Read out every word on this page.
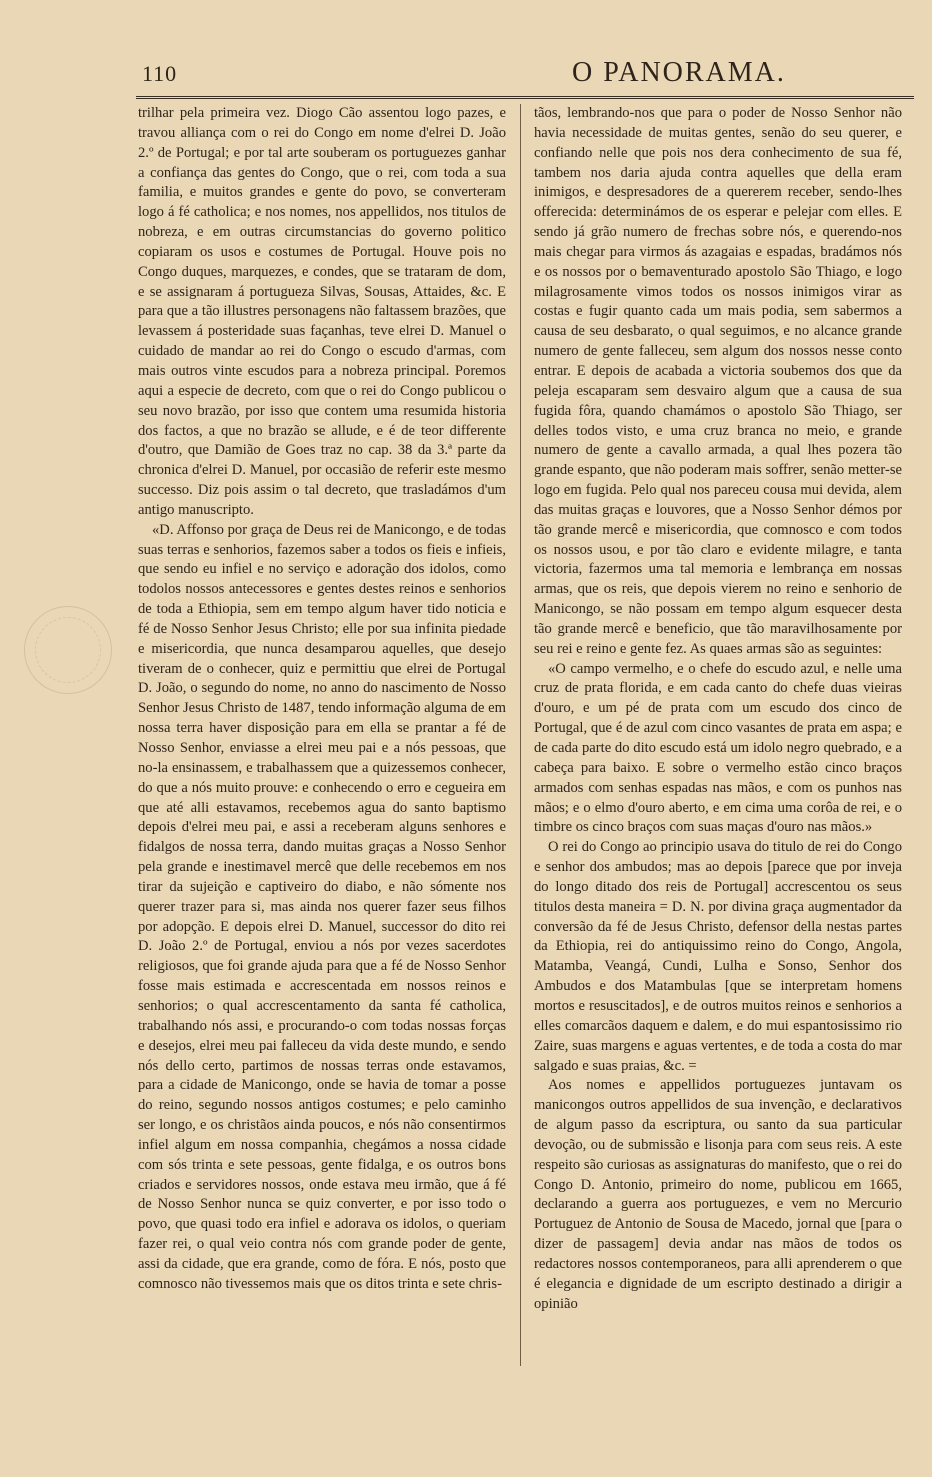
110	O PANORAMA.

trilhar pela primeira vez. Diogo Cão assentou logo pazes, e travou alliança com o rei do Congo em nome d'elrei D. João 2.º de Portugal; e por tal arte souberam os portuguezes ganhar a confiança das gentes do Congo, que o rei, com toda a sua familia, e muitos grandes e gente do povo, se converteram logo á fé catholica; e nos nomes, nos appellidos, nos titulos de nobreza, e em outras circumstancias do governo politico copiaram os usos e costumes de Portugal. Houve pois no Congo duques, marquezes, e condes, que se trataram de dom, e se assignaram á portugueza Silvas, Sousas, Attaides, &c. E para que a tão illustres personagens não faltassem brazões, que levassem á posteridade suas façanhas, teve elrei D. Manuel o cuidado de mandar ao rei do Congo o escudo d'armas, com mais outros vinte escudos para a nobreza principal. Poremos aqui a especie de decreto, com que o rei do Congo publicou o seu novo brazão, por isso que contem uma resumida historia dos factos, a que no brazão se allude, e é de teor differente d'outro, que Damião de Goes traz no cap. 38 da 3.ª parte da chronica d'elrei D. Manuel, por occasião de referir este mesmo successo. Diz pois assim o tal decreto, que trasladámos d'um antigo manuscripto.

«D. Affonso por graça de Deus rei de Manicongo, e de todas suas terras e senhorios, fazemos saber a todos os fieis e infieis, que sendo eu infiel e no serviço e adoração dos idolos, como todolos nossos antecessores e gentes destes reinos e senhorios de toda a Ethiopia, sem em tempo algum haver tido noticia e fé de Nosso Senhor Jesus Christo; elle por sua infinita piedade e misericordia, que nunca desamparou aquelles, que desejo tiveram de o conhecer, quiz e permittiu que elrei de Portugal D. João, o segundo do nome, no anno do nascimento de Nosso Senhor Jesus Christo de 1487, tendo informação alguma de em nossa terra haver disposição para em ella se prantar a fé de Nosso Senhor, enviasse a elrei meu pai e a nós pessoas, que no-la ensinassem, e trabalhassem que a quizessemos conhecer, do que a nós muito prouve: e conhecendo o erro e cegueira em que até alli estavamos, recebemos agua do santo baptismo depois d'elrei meu pai, e assi a receberam alguns senhores e fidalgos de nossa terra, dando muitas graças a Nosso Senhor pela grande e inestimavel mercê que delle recebemos em nos tirar da sujeição e captiveiro do diabo, e não sómente nos querer trazer para si, mas ainda nos querer fazer seus filhos por adopção. E depois elrei D. Manuel, successor do dito rei D. João 2.º de Portugal, enviou a nós por vezes sacerdotes religiosos, que foi grande ajuda para que a fé de Nosso Senhor fosse mais estimada e accrescentada em nossos reinos e senhorios; o qual accrescentamento da santa fé catholica, trabalhando nós assi, e procurando-o com todas nossas forças e desejos, elrei meu pai falleceu da vida deste mundo, e sendo nós dello certo, partimos de nossas terras onde estavamos, para a cidade de Manicongo, onde se havia de tomar a posse do reino, segundo nossos antigos costumes; e pelo caminho ser longo, e os christãos ainda poucos, e nós não consentirmos infiel algum em nossa companhia, chegámos a nossa cidade com sós trinta e sete pessoas, gente fidalga, e os outros bons criados e servidores nossos, onde estava meu irmão, que á fé de Nosso Senhor nunca se quiz converter, e por isso todo o povo, que quasi todo era infiel e adorava os idolos, o queriam fazer rei, o qual veio contra nós com grande poder de gente, assi da cidade, que era grande, como de fóra. E nós, posto que comnosco não tivessemos mais que os ditos trinta e sete chris-

tãos, lembrando-nos que para o poder de Nosso Senhor não havia necessidade de muitas gentes, senão do seu querer, e confiando nelle que pois nos dera conhecimento de sua fé, tambem nos daria ajuda contra aquelles que della eram inimigos, e despresadores de a quererem receber, sendo-lhes offerecida: determinámos de os esperar e pelejar com elles. E sendo já grão numero de frechas sobre nós, e querendo-nos mais chegar para virmos ás azagaias e espadas, bradámos nós e os nossos por o bemaventurado apostolo São Thiago, e logo milagrosamente vimos todos os nossos inimigos virar as costas e fugir quanto cada um mais podia, sem sabermos a causa de seu desbarato, o qual seguimos, e no alcance grande numero de gente falleceu, sem algum dos nossos nesse conto entrar. E depois de acabada a victoria soubemos dos que da peleja escaparam sem desvairo algum que a causa de sua fugida fôra, quando chamámos o apostolo São Thiago, ser delles todos visto, e uma cruz branca no meio, e grande numero de gente a cavallo armada, a qual lhes pozera tão grande espanto, que não poderam mais soffrer, senão metter-se logo em fugida. Pelo qual nos pareceu cousa mui devida, alem das muitas graças e louvores, que a Nosso Senhor démos por tão grande mercê e misericordia, que comnosco e com todos os nossos usou, e por tão claro e evidente milagre, e tanta victoria, fazermos uma tal memoria e lembrança em nossas armas, que os reis, que depois vierem no reino e senhorio de Manicongo, se não possam em tempo algum esquecer desta tão grande mercê e beneficio, que tão maravilhosamente por seu rei e reino e gente fez. As quaes armas são as seguintes:

«O campo vermelho, e o chefe do escudo azul, e nelle uma cruz de prata florida, e em cada canto do chefe duas vieiras d'ouro, e um pé de prata com um escudo dos cinco de Portugal, que é de azul com cinco vasantes de prata em aspa; e de cada parte do dito escudo está um idolo negro quebrado, e a cabeça para baixo. E sobre o vermelho estão cinco braços armados com senhas espadas nas mãos, e com os punhos nas mãos; e o elmo d'ouro aberto, e em cima uma corôa de rei, e o timbre os cinco braços com suas maças d'ouro nas mãos.»

O rei do Congo ao principio usava do titulo de rei do Congo e senhor dos ambudos; mas ao depois [parece que por inveja do longo ditado dos reis de Portugal] accrescentou os seus titulos desta maneira = D. N. por divina graça augmentador da conversão da fé de Jesus Christo, defensor della nestas partes da Ethiopia, rei do antiquissimo reino do Congo, Angola, Matamba, Veangá, Cundi, Lulha e Sonso, Senhor dos Ambudos e dos Matambulas [que se interpretam homens mortos e resuscitados], e de outros muitos reinos e senhorios a elles comarcãos daquem e dalem, e do mui espantosissimo rio Zaire, suas margens e aguas vertentes, e de toda a costa do mar salgado e suas praias, &c. =

Aos nomes e appellidos portuguezes juntavam os manicongos outros appellidos de sua invenção, e declarativos de algum passo da escriptura, ou santo da sua particular devoção, ou de submissão e lisonja para com seus reis. A este respeito são curiosas as assignaturas do manifesto, que o rei do Congo D. Antonio, primeiro do nome, publicou em 1665, declarando a guerra aos portuguezes, e vem no Mercurio Portuguez de Antonio de Sousa de Macedo, jornal que [para o dizer de passagem] devia andar nas mãos de todos os redactores nossos contemporaneos, para alli aprenderem o que é elegancia e dignidade de um escripto destinado a dirigir a opinião
